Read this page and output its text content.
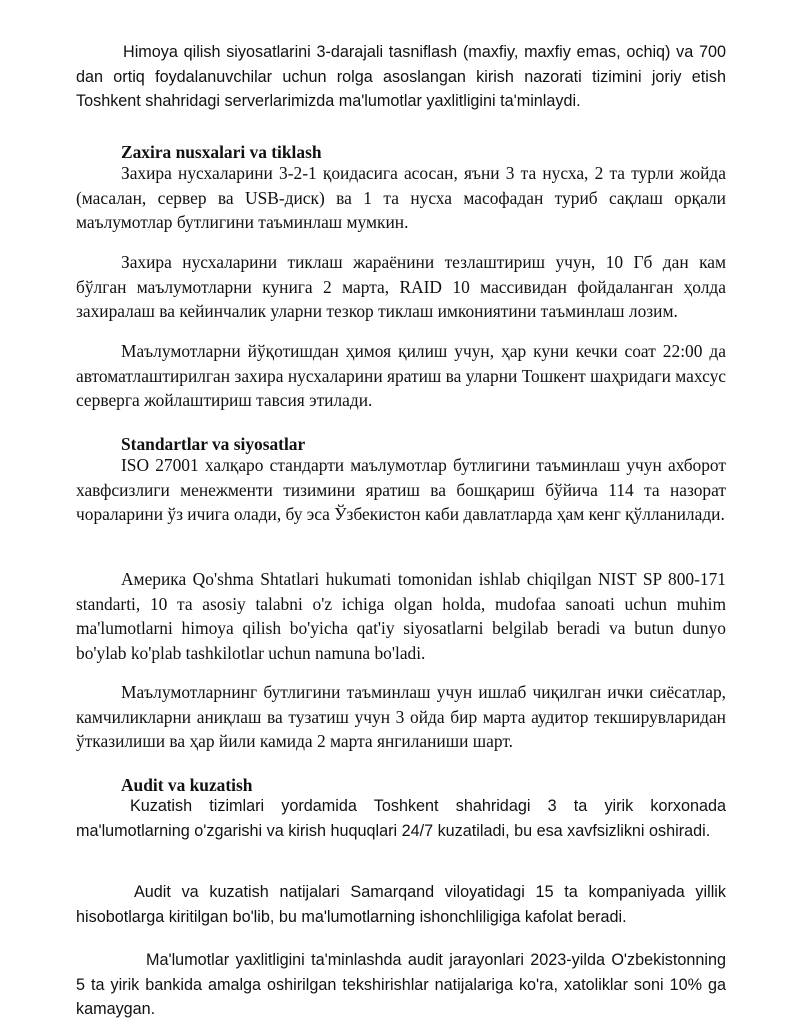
Himoya qilish siyosatlarini 3-darajali tasniflash (maxfiy, maxfiy emas, ochiq) va 700 dan ortiq foydalanuvchilar uchun rolga asoslangan kirish nazorati tizimini joriy etish Toshkent shahridagi serverlarimizda ma'lumotlar yaxlitligini ta'minlaydi.

Zaxira nusxalari va tiklash

Захира нусхаларини 3-2-1 қоидасига асосан, яъни 3 та нусха, 2 та турли жойда (масалан, сервер ва USB-диск) ва 1 та нусха масофадан туриб сақлаш орқали маълумотлар бутлигини таъминлаш мумкин.

Захира нусхаларини тиклаш жараёнини тезлаштириш учун, 10 Гб дан кам бўлган маълумотларни кунига 2 марта, RAID 10 массивидан фойдаланган ҳолда захиралаш ва кейинчалик уларни тезкор тиклаш имкониятини таъминлаш лозим.

Маълумотларни йўқотишдан ҳимоя қилиш учун, ҳар куни кечки соат 22:00 да автоматлаштирилган захира нусхаларини яратиш ва уларни Тошкент шаҳридаги махсус серверга жойлаштириш тавсия этилади.

Standartlar va siyosatlar

ISO 27001 халқаро стандарти маълумотлар бутлигини таъминлаш учун ахборот хавфсизлиги менежменти тизимини яратиш ва бошқариш бўйича 114 та назорат чораларини ўз ичига олади, бу эса Ўзбекистон каби давлатларда ҳам кенг қўлланилади.

Америка Qo'shma Shtatlari hukumati tomonidan ishlab chiqilgan NIST SP 800-171 standarti, 10 та asosiy talabni o'z ichiga olgan holda, mudofaa sanoati uchun muhim ma'lumotlarni himoya qilish bo'yicha qat'iy siyosatlarni belgilab beradi va butun dunyo bo'ylab ko'plab tashkilotlar uchun namuna bo'ladi.

Маълумотларнинг бутлигини таъминлаш учун ишлаб чиқилган ички сиёсатлар, камчиликларни аниқлаш ва тузатиш учун 3 ойда бир марта аудитор текширувларидан ўтказилиши ва ҳар йили камида 2 марта янгиланиши шарт.

Audit va kuzatish

Kuzatish tizimlari yordamida Toshkent shahridagi 3 ta yirik korxonada ma'lumotlarning o'zgarishi va kirish huquqlari 24/7 kuzatiladi, bu esa xavfsizlikni oshiradi.

Audit va kuzatish natijalari Samarqand viloyatidagi 15 ta kompaniyada yillik hisobotlarga kiritilgan bo'lib, bu ma'lumotlarning ishonchliligiga kafolat beradi.

Ma'lumotlar yaxlitligini ta'minlashda audit jarayonlari 2023-yilda O'zbekistonning 5 ta yirik bankida amalga oshirilgan tekshirishlar natijalariga ko'ra, xatoliklar soni 10% ga kamaygan.
